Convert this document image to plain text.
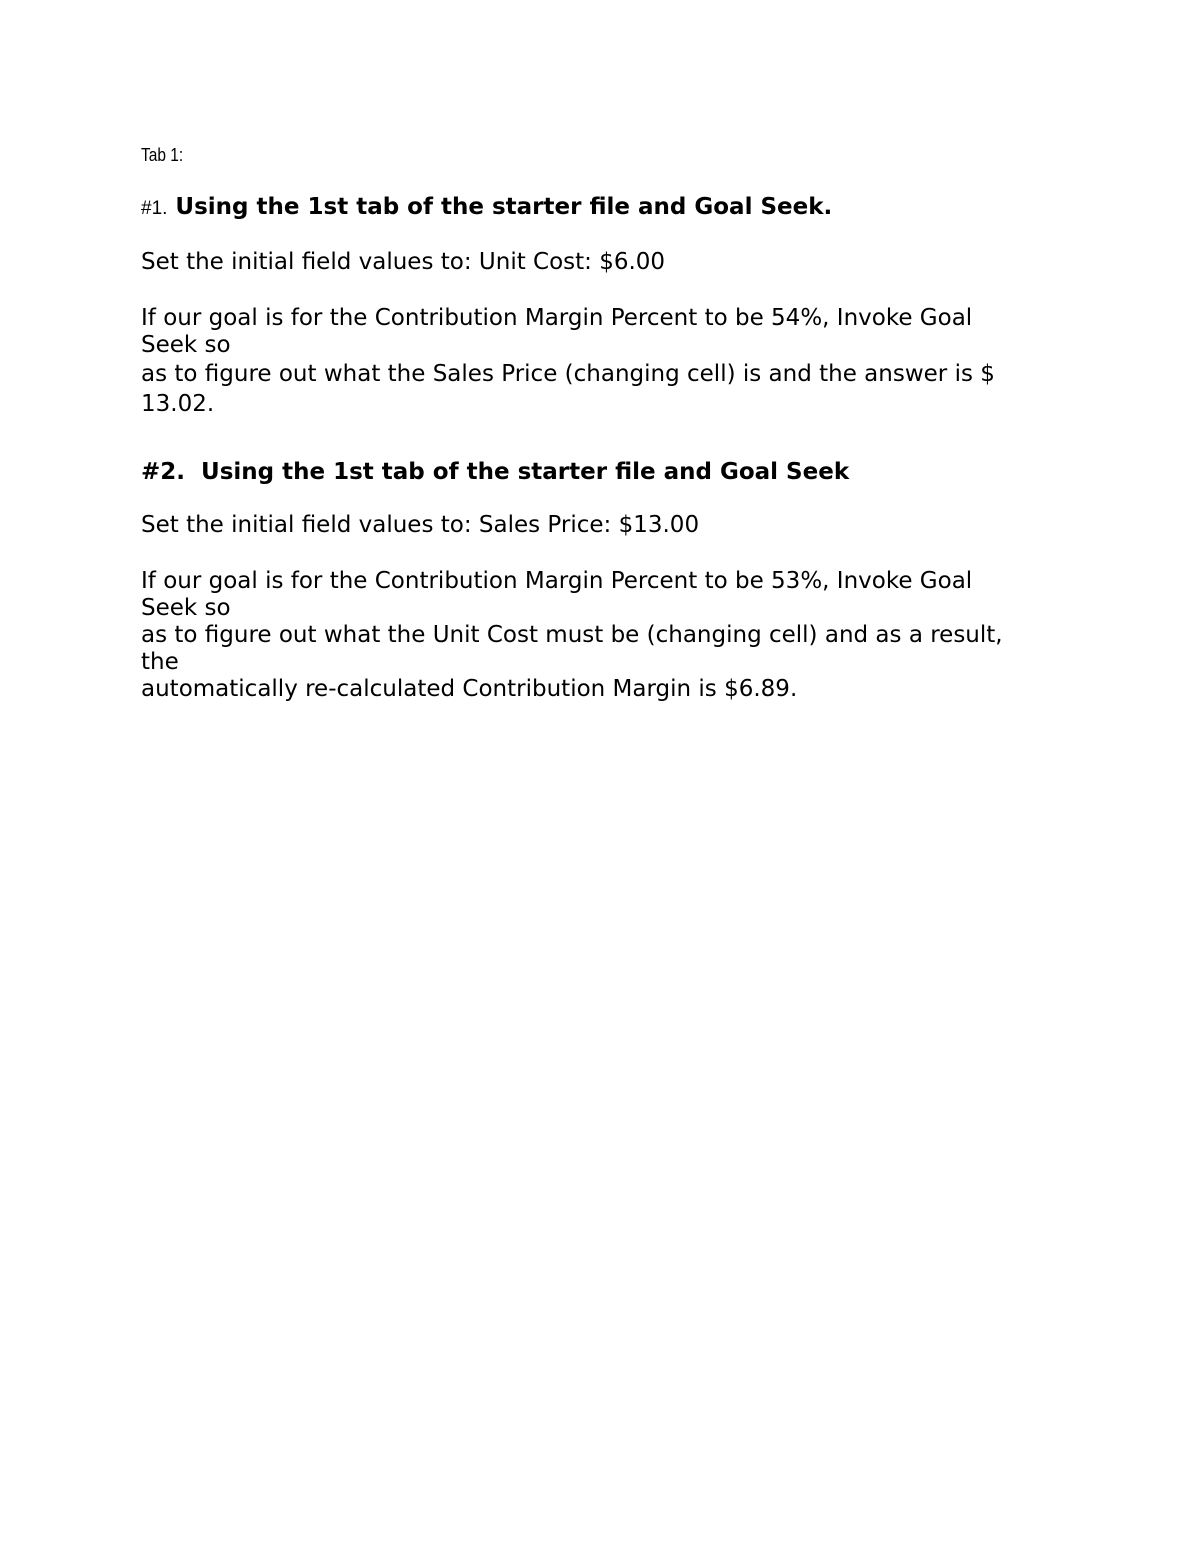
Tab 1:
#1. Using the 1st tab of the starter file and Goal Seek.

Set the initial field values to: Unit Cost: $6.00

If our goal is for the Contribution Margin Percent to be 54%, Invoke Goal
Seek so
as to figure out what the Sales Price (changing cell) is and the answer is $
13.02.

#2.  Using the 1st tab of the starter file and Goal Seek

Set the initial field values to: Sales Price: $13.00

If our goal is for the Contribution Margin Percent to be 53%, Invoke Goal
Seek so
as to figure out what the Unit Cost must be (changing cell) and as a result,
the
automatically re-calculated Contribution Margin is $6.89.
